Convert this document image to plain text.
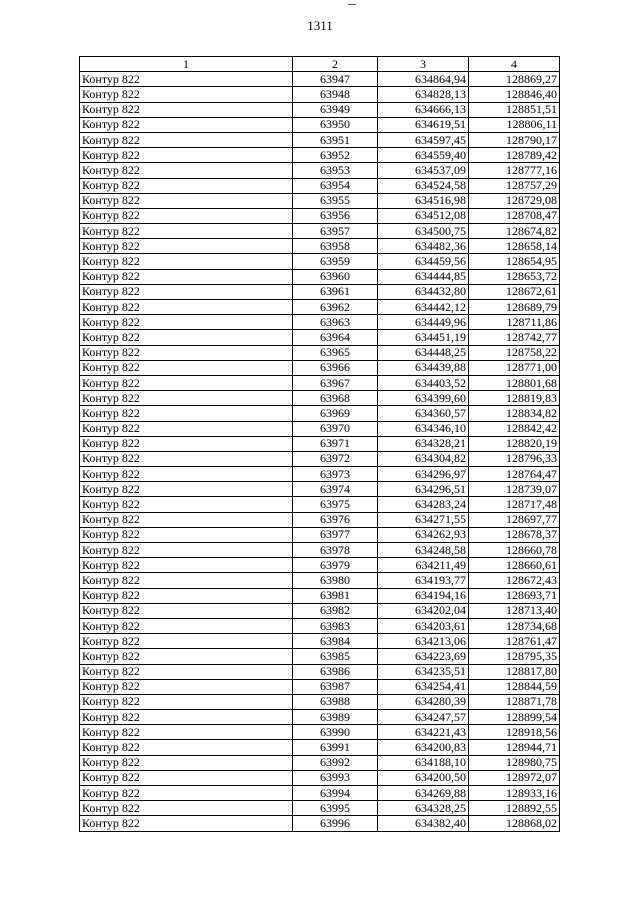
1311
1	2	3	4
Контур 822	63947	634864,94	128869,27
Контур 822	63948	634828,13	128846,40
Контур 822	63949	634666,13	128851,51
Контур 822	63950	634619,51	128806,11
Контур 822	63951	634597,45	128790,17
Контур 822	63952	634559,40	128789,42
Контур 822	63953	634537,09	128777,16
Контур 822	63954	634524,58	128757,29
Контур 822	63955	634516,98	128729,08
Контур 822	63956	634512,08	128708,47
Контур 822	63957	634500,75	128674,82
Контур 822	63958	634482,36	128658,14
Контур 822	63959	634459,56	128654,95
Контур 822	63960	634444,85	128653,72
Контур 822	63961	634432,80	128672,61
Контур 822	63962	634442,12	128689,79
Контур 822	63963	634449,96	128711,86
Контур 822	63964	634451,19	128742,77
Контур 822	63965	634448,25	128758,22
Контур 822	63966	634439,88	128771,00
Контур 822	63967	634403,52	128801,68
Контур 822	63968	634399,60	128819,83
Контур 822	63969	634360,57	128834,82
Контур 822	63970	634346,10	128842,42
Контур 822	63971	634328,21	128820,19
Контур 822	63972	634304,82	128796,33
Контур 822	63973	634296,97	128764,47
Контур 822	63974	634296,51	128739,07
Контур 822	63975	634283,24	128717,48
Контур 822	63976	634271,55	128697,77
Контур 822	63977	634262,93	128678,37
Контур 822	63978	634248,58	128660,78
Контур 822	63979	634211,49	128660,61
Контур 822	63980	634193,77	128672,43
Контур 822	63981	634194,16	128693,71
Контур 822	63982	634202,04	128713,40
Контур 822	63983	634203,61	128734,68
Контур 822	63984	634213,06	128761,47
Контур 822	63985	634223,69	128795,35
Контур 822	63986	634235,51	128817,80
Контур 822	63987	634254,41	128844,59
Контур 822	63988	634280,39	128871,78
Контур 822	63989	634247,57	128899,54
Контур 822	63990	634221,43	128918,56
Контур 822	63991	634200,83	128944,71
Контур 822	63992	634188,10	128980,75
Контур 822	63993	634200,50	128972,07
Контур 822	63994	634269,88	128933,16
Контур 822	63995	634328,25	128892,55
Контур 822	63996	634382,40	128868,02
